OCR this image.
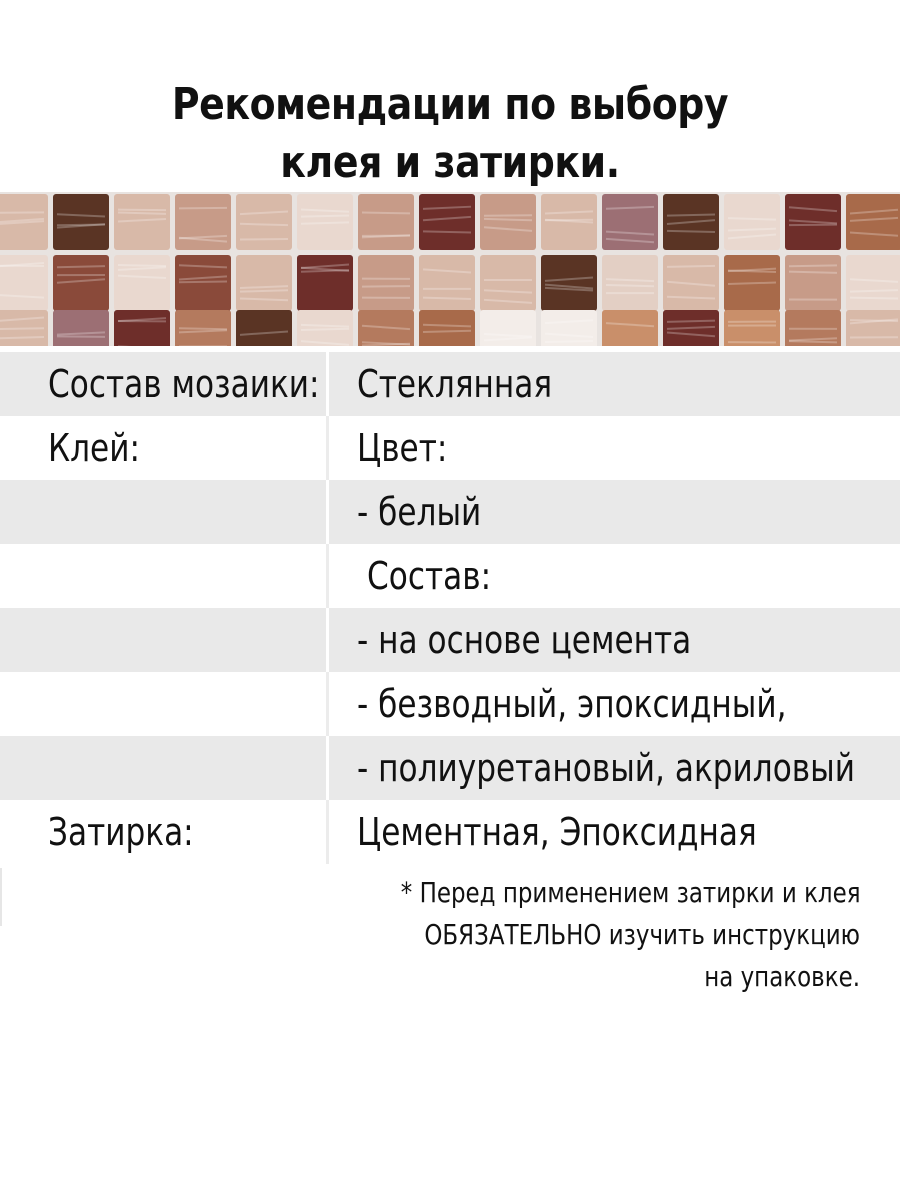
Рекомендации по выбору
клея и затирки.
Состав мозаики: Стеклянная
Клей:	Цвет:
- белый
Состав:
- на основе цемента
- безводный, эпоксидный,
- полиуретановый, акриловый
Затирка:	Цементная, Эпоксидная
* Перед применением затирки и клея
ОБЯЗАТЕЛЬНО изучить инструкцию
на упаковке.
